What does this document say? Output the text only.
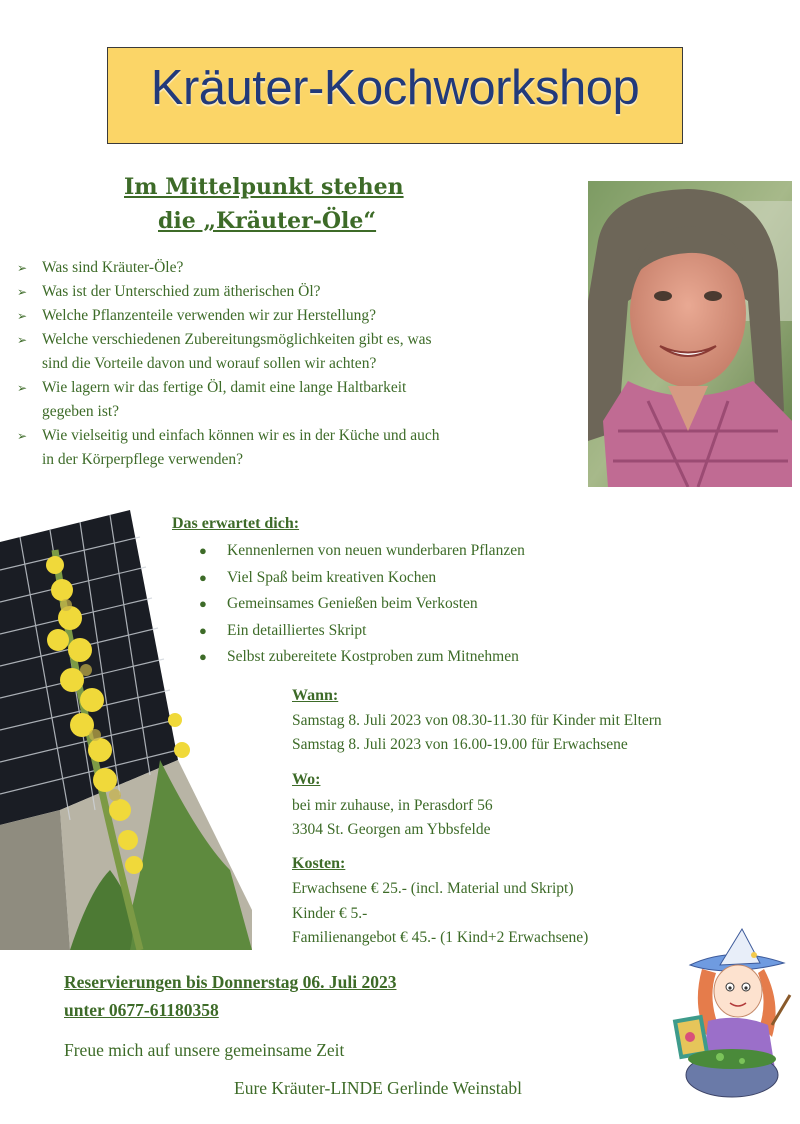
Kräuter-Kochworkshop
Im Mittelpunkt stehen
die „Kräuter-Öle“
➢ Was sind Kräuter-Öle?
➢ Was ist der Unterschied zum ätherischen Öl?
➢ Welche Pflanzenteile verwenden wir zur Herstellung?
➢ Welche verschiedenen Zubereitungsmöglichkeiten gibt es, was
sind die Vorteile davon und worauf sollen wir achten?
➢ Wie lagern wir das fertige Öl, damit eine lange Haltbarkeit
gegeben ist?
➢ Wie vielseitig und einfach können wir es in der Küche und auch
in der Körperpflege verwenden?
Das erwartet dich:
● Kennenlernen von neuen wunderbaren Pflanzen
● Viel Spaß beim kreativen Kochen
● Gemeinsames Genießen beim Verkosten
● Ein detailliertes Skript
● Selbst zubereitete Kostproben zum Mitnehmen
Wann:
Samstag 8. Juli 2023 von 08.30-11.30 für Kinder mit Eltern
Samstag 8. Juli 2023 von 16.00-19.00 für Erwachsene
Wo:
bei mir zuhause, in Perasdorf 56
3304 St. Georgen am Ybbsfelde
Kosten:
Erwachsene € 25.- (incl. Material und Skript)
Kinder € 5.-
Familienangebot € 45.- (1 Kind+2 Erwachsene)
Reservierungen bis Donnerstag 06. Juli 2023
unter 0677-61180358
Freue mich auf unsere gemeinsame Zeit
Eure Kräuter-LINDE Gerlinde Weinstabl
